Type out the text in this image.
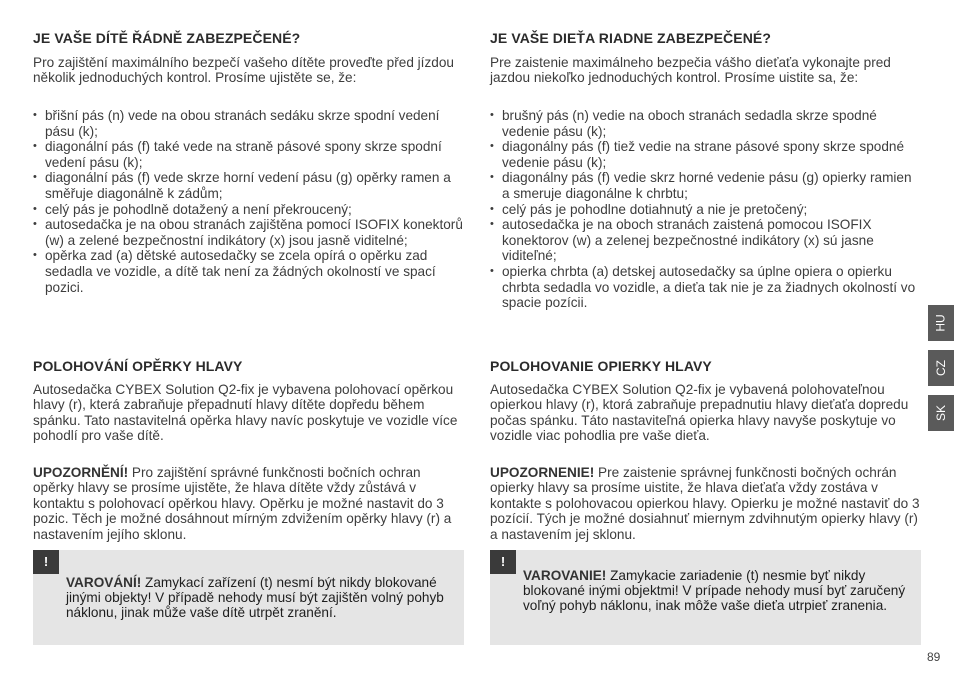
JE VAŠE DÍTĚ ŘÁDNĚ ZABEZPEČENÉ?

Pro zajištění maximálního bezpečí vašeho dítěte proveďte před jízdou několik jednoduchých kontrol. Prosíme ujistěte se, že:

• břišní pás (n) vede na obou stranách sedáku skrze spodní vedení pásu (k);
• diagonální pás (f) také vede na straně pásové spony skrze spodní vedení pásu (k);
• diagonální pás (f) vede skrze horní vedení pásu (g) opěrky ramen a směřuje diagonálně k zádům;
• celý pás je pohodlně dotažený a není překroucený;
• autosedačka je na obou stranách zajištěna pomocí ISOFIX konektorů (w) a zelené bezpečnostní indikátory (x) jsou jasně viditelné;
• opěrka zad (a) dětské autosedačky se zcela opírá o opěrku zad sedadla ve vozidle, a dítě tak není za žádných okolností ve spací pozici.
POLOHOVÁNÍ OPĚRKY HLAVY

Autosedačka CYBEX Solution Q2-fix je vybavena polohovací opěrkou hlavy (r), která zabraňuje přepadnutí hlavy dítěte dopředu během spánku. Tato nastavitelná opěrka hlavy navíc poskytuje ve vozidle více pohodlí pro vaše dítě.

UPOZORNĚNÍ! Pro zajištění správné funkčnosti bočních ochran opěrky hlavy se prosíme ujistěte, že hlava dítěte vždy zůstává v kontaktu s polohovací opěrkou hlavy. Opěrku je možné nastavit do 3 pozic. Těch je možné dosáhnout mírným zdvižením opěrky hlavy (r) a nastavením jejího sklonu.

!

VAROVÁNÍ! Zamykací zařízení (t) nesmí být nikdy blokované jinými objekty! V případě nehody musí být zajištěn volný pohyb náklonu, jinak může vaše dítě utrpět zranění.

JE VAŠE DIEŤA RIADNE ZABEZPEČENÉ?

Pre zaistenie maximálneho bezpečia vášho dieťaťa vykonajte pred jazdou niekoľko jednoduchých kontrol. Prosíme uistite sa, že:

• brušný pás (n) vedie na oboch stranách sedadla skrze spodné vedenie pásu (k);
• diagonálny pás (f) tiež vedie na strane pásové spony skrze spodné vedenie pásu (k);
• diagonálny pás (f) vedie skrz horné vedenie pásu (g) opierky ramien a smeruje diagonálne k chrbtu;
• celý pás je pohodlne dotiahnutý a nie je pretočený;
• autosedačka je na oboch stranách zaistená pomocou ISOFIX konektorov (w) a zelenej bezpečnostné indikátory (x) sú jasne viditeľné;
• opierka chrbta (a) detskej autosedačky sa úplne opiera o opierku chrbta sedadla vo vozidle, a dieťa tak nie je za žiadnych okolností vo spacie pozícii.
POLOHOVANIE OPIERKY HLAVY

Autosedačka CYBEX Solution Q2-fix je vybavená polohovateľnou opierkou hlavy (r), ktorá zabraňuje prepadnutiu hlavy dieťaťa dopredu počas spánku. Táto nastaviteľná opierka hlavy navyše poskytuje vo vozidle viac pohodlia pre vaše dieťa.

UPOZORNENIE! Pre zaistenie správnej funkčnosti bočných ochrán opierky hlavy sa prosíme uistite, že hlava dieťaťa vždy zostáva v kontakte s polohovacou opierkou hlavy. Opierku je možné nastaviť do 3 pozícií. Tých je možné dosiahnuť miernym zdvihnutým opierky hlavy (r) a nastavením jej sklonu.

!

VAROVANIE! Zamykacie zariadenie (t) nesmie byť nikdy blokované inými objektmi! V prípade nehody musí byť zaručený voľný pohyb náklonu, inak môže vaše dieťa utrpieť zranenia.

HU
CZ
SK
89
